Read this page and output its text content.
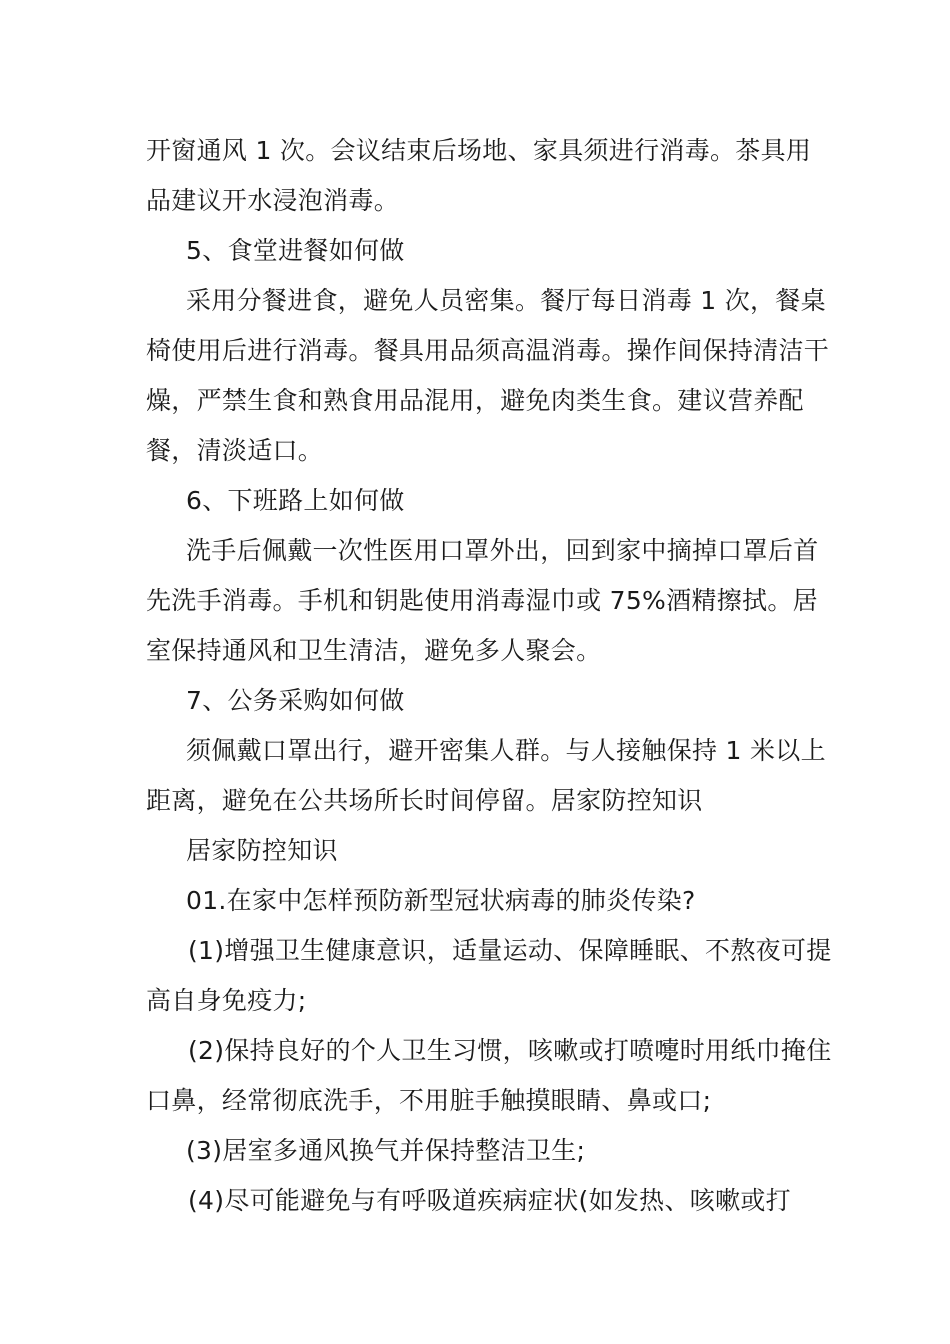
开窗通风 1 次。会议结束后场地、家具须进行消毒。茶具用品建议开水浸泡消毒。

5、食堂进餐如何做

采用分餐进食，避免人员密集。餐厅每日消毒 1 次，餐桌椅使用后进行消毒。餐具用品须高温消毒。操作间保持清洁干燥，严禁生食和熟食用品混用，避免肉类生食。建议营养配餐，清淡适口。

6、下班路上如何做

洗手后佩戴一次性医用口罩外出，回到家中摘掉口罩后首先洗手消毒。手机和钥匙使用消毒湿巾或 75%酒精擦拭。居室保持通风和卫生清洁，避免多人聚会。

7、公务采购如何做

须佩戴口罩出行，避开密集人群。与人接触保持 1 米以上距离，避免在公共场所长时间停留。居家防控知识

居家防控知识

01.在家中怎样预防新型冠状病毒的肺炎传染?

(1)增强卫生健康意识，适量运动、保障睡眠、不熬夜可提高自身免疫力;

(2)保持良好的个人卫生习惯，咳嗽或打喷嚏时用纸巾掩住口鼻，经常彻底洗手，不用脏手触摸眼睛、鼻或口;

(3)居室多通风换气并保持整洁卫生;

(4)尽可能避免与有呼吸道疾病症状(如发热、咳嗽或打
